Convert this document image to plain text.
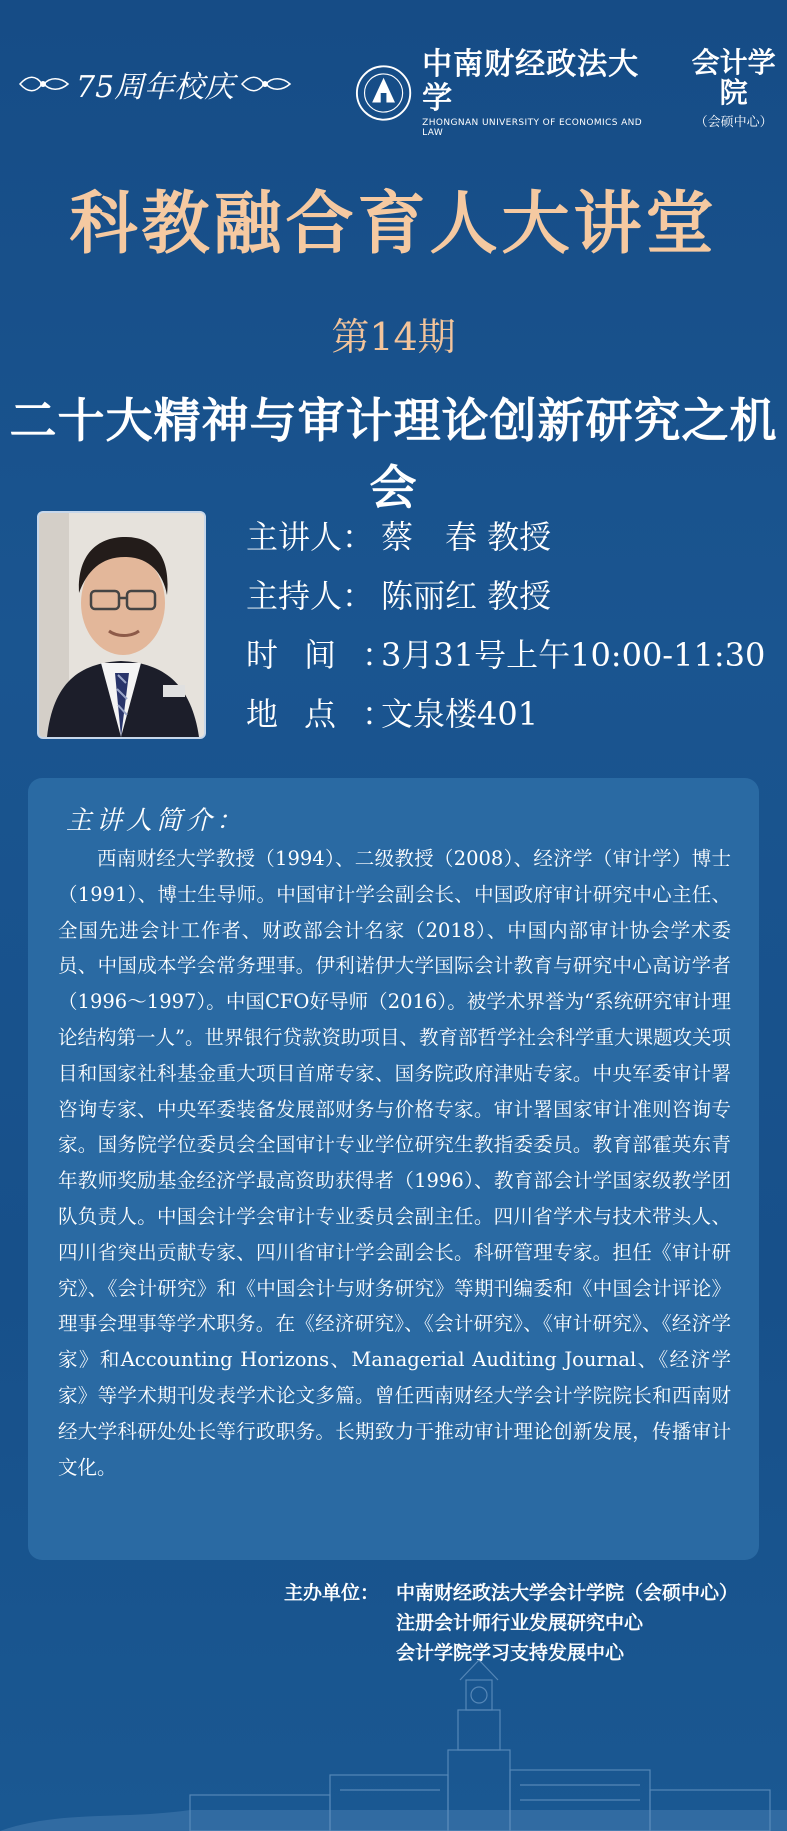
75周年校庆
中南财经政法大学
ZHONGNAN UNIVERSITY OF ECONOMICS AND LAW
会计学院
（会硕中心）
科教融合育人大讲堂
第14期
二十大精神与审计理论创新研究之机会
主讲人： 蔡　春 教授
主持人： 陈丽红 教授
时间：3月31号上午10:00-11:30
地点：文泉楼401
主讲人简介：

西南财经大学教授（1994）、二级教授（2008）、经济学（审计学）博士（1991）、博士生导师。中国审计学会副会长、中国政府审计研究中心主任、全国先进会计工作者、财政部会计名家（2018）、中国内部审计协会学术委员、中国成本学会常务理事。伊利诺伊大学国际会计教育与研究中心高访学者（1996～1997）。中国CFO好导师（2016）。被学术界誉为“系统研究审计理论结构第一人”。世界银行贷款资助项目、教育部哲学社会科学重大课题攻关项目和国家社科基金重大项目首席专家、国务院政府津贴专家。中央军委审计署咨询专家、中央军委装备发展部财务与价格专家。审计署国家审计准则咨询专家。国务院学位委员会全国审计专业学位研究生教指委委员。教育部霍英东青年教师奖励基金经济学最高资助获得者（1996）、教育部会计学国家级教学团队负责人。中国会计学会审计专业委员会副主任。四川省学术与技术带头人、四川省突出贡献专家、四川省审计学会副会长。科研管理专家。担任《审计研究》、《会计研究》和《中国会计与财务研究》等期刊编委和《中国会计评论》理事会理事等学术职务。在《经济研究》、《会计研究》、《审计研究》、《经济学家》和Accounting Horizons、Managerial Auditing Journal、《经济学家》等学术期刊发表学术论文多篇。曾任西南财经大学会计学院院长和西南财经大学科研处处长等行政职务。长期致力于推动审计理论创新发展，传播审计文化。

主办单位： 中南财经政法大学会计学院（会硕中心）
注册会计师行业发展研究中心
会计学院学习支持发展中心
